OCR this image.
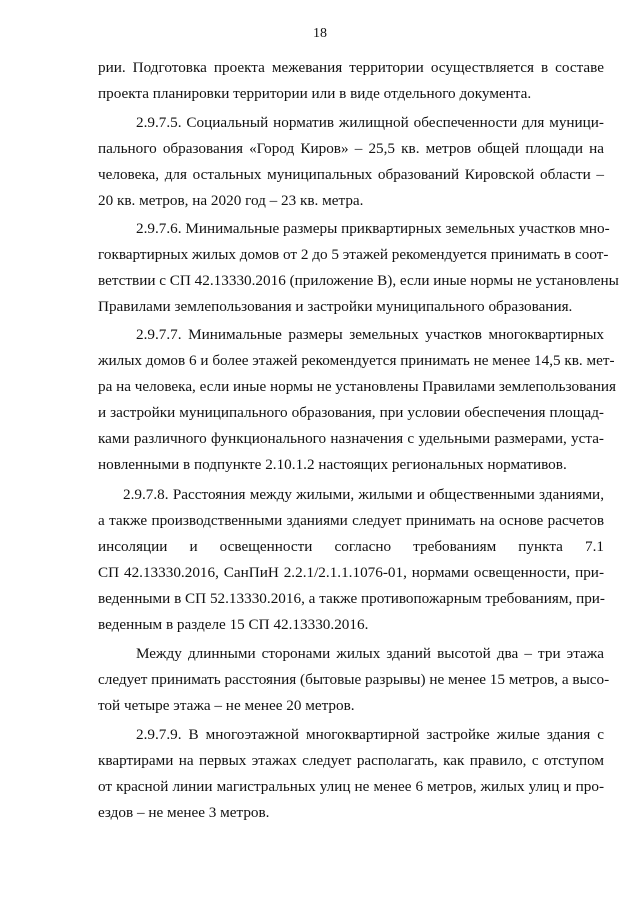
18
рии. Подготовка проекта межевания территории осуществляется в составе
проекта планировки территории или в виде отдельного документа.
2.9.7.5. Социальный норматив жилищной обеспеченности для муници-
пального образования «Город Киров» – 25,5 кв. метров общей площади на
человека, для остальных муниципальных образований Кировской области –
20 кв. метров, на 2020 год – 23 кв. метра.
2.9.7.6. Минимальные размеры приквартирных земельных участков мно-
гоквартирных жилых домов от 2 до 5 этажей рекомендуется принимать в соот-
ветствии с СП 42.13330.2016 (приложение В), если иные нормы не установлены
Правилами землепользования и застройки муниципального образования.
2.9.7.7. Минимальные размеры земельных участков многоквартирных
жилых домов 6 и более этажей рекомендуется принимать не менее 14,5 кв. мет-
ра на человека, если иные нормы не установлены Правилами землепользования
и застройки муниципального образования, при условии обеспечения площад-
ками различного функционального назначения с удельными размерами, уста-
новленными в подпункте 2.10.1.2 настоящих региональных нормативов.
2.9.7.8. Расстояния между жилыми, жилыми и общественными зданиями,
а также производственными зданиями следует принимать на основе расчетов
инсоляции и освещенности согласно требованиям пункта 7.1
СП 42.13330.2016, СанПиН 2.2.1/2.1.1.1076-01, нормами освещенности, при-
веденными в СП 52.13330.2016, а также противопожарным требованиям, при-
веденным в разделе 15 СП 42.13330.2016.
Между длинными сторонами жилых зданий высотой два – три этажа
следует принимать расстояния (бытовые разрывы) не менее 15 метров, а высо-
той четыре этажа – не менее 20 метров.
2.9.7.9. В многоэтажной многоквартирной застройке жилые здания с
квартирами на первых этажах следует располагать, как правило, с отступом
от красной линии магистральных улиц не менее 6 метров, жилых улиц и про-
ездов – не менее 3 метров.
